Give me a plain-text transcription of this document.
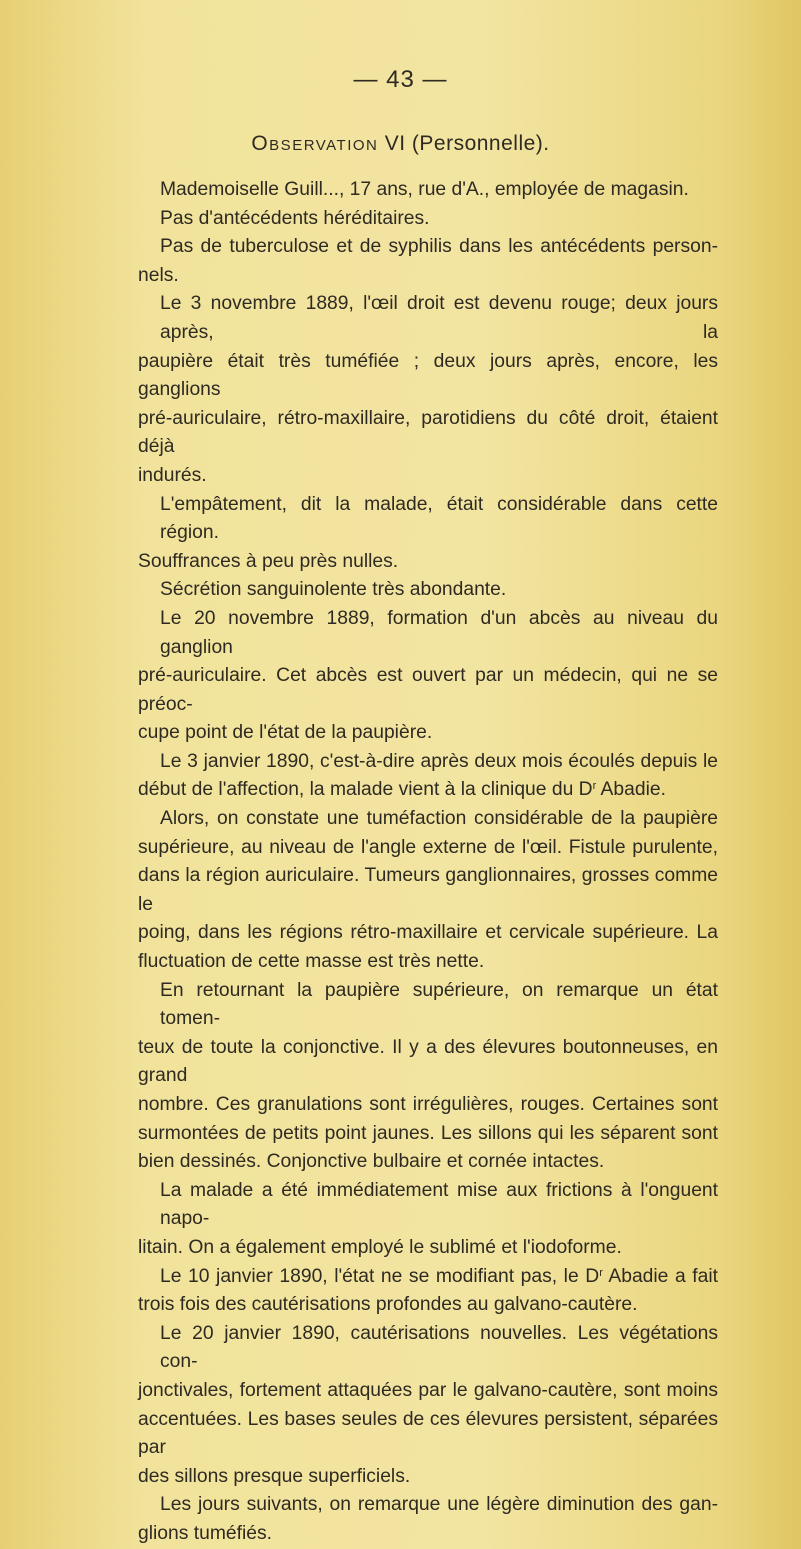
— 43 —
Observation VI (Personnelle).
Mademoiselle Guill..., 17 ans, rue d'A., employée de magasin.
Pas d'antécédents héréditaires.
Pas de tuberculose et de syphilis dans les antécédents person-
nels.
Le 3 novembre 1889, l'œil droit est devenu rouge; deux jours après, la
paupière était très tuméfiée ; deux jours après, encore, les ganglions
pré-auriculaire, rétro-maxillaire, parotidiens du côté droit, étaient déjà
indurés.
L'empâtement, dit la malade, était considérable dans cette région.
Souffrances à peu près nulles.
Sécrétion sanguinolente très abondante.
Le 20 novembre 1889, formation d'un abcès au niveau du ganglion
pré-auriculaire. Cet abcès est ouvert par un médecin, qui ne se préoc-
cupe point de l'état de la paupière.
Le 3 janvier 1890, c'est-à-dire après deux mois écoulés depuis le
début de l'affection, la malade vient à la clinique du $D^r$ Abadie.
Alors, on constate une tuméfaction considérable de la paupière
supérieure, au niveau de l'angle externe de l'œil. Fistule purulente,
dans la région auriculaire. Tumeurs ganglionnaires, grosses comme le
poing, dans les régions rétro-maxillaire et cervicale supérieure. La
fluctuation de cette masse est très nette.
En retournant la paupière supérieure, on remarque un état tomen-
teux de toute la conjonctive. Il y a des élevures boutonneuses, en grand
nombre. Ces granulations sont irrégulières, rouges. Certaines sont
surmontées de petits point jaunes. Les sillons qui les séparent sont
bien dessinés. Conjonctive bulbaire et cornée intactes.
La malade a été immédiatement mise aux frictions à l'onguent napo-
litain. On a également employé le sublimé et l'iodoforme.
Le 10 janvier 1890, l'état ne se modifiant pas, le $D^r$ Abadie a fait
trois fois des cautérisations profondes au galvano-cautère.
Le 20 janvier 1890, cautérisations nouvelles. Les végétations con-
jonctivales, fortement attaquées par le galvano-cautère, sont moins
accentuées. Les bases seules de ces élevures persistent, séparées par
des sillons presque superficiels.
Les jours suivants, on remarque une légère diminution des gan-
glions tuméfiés.
